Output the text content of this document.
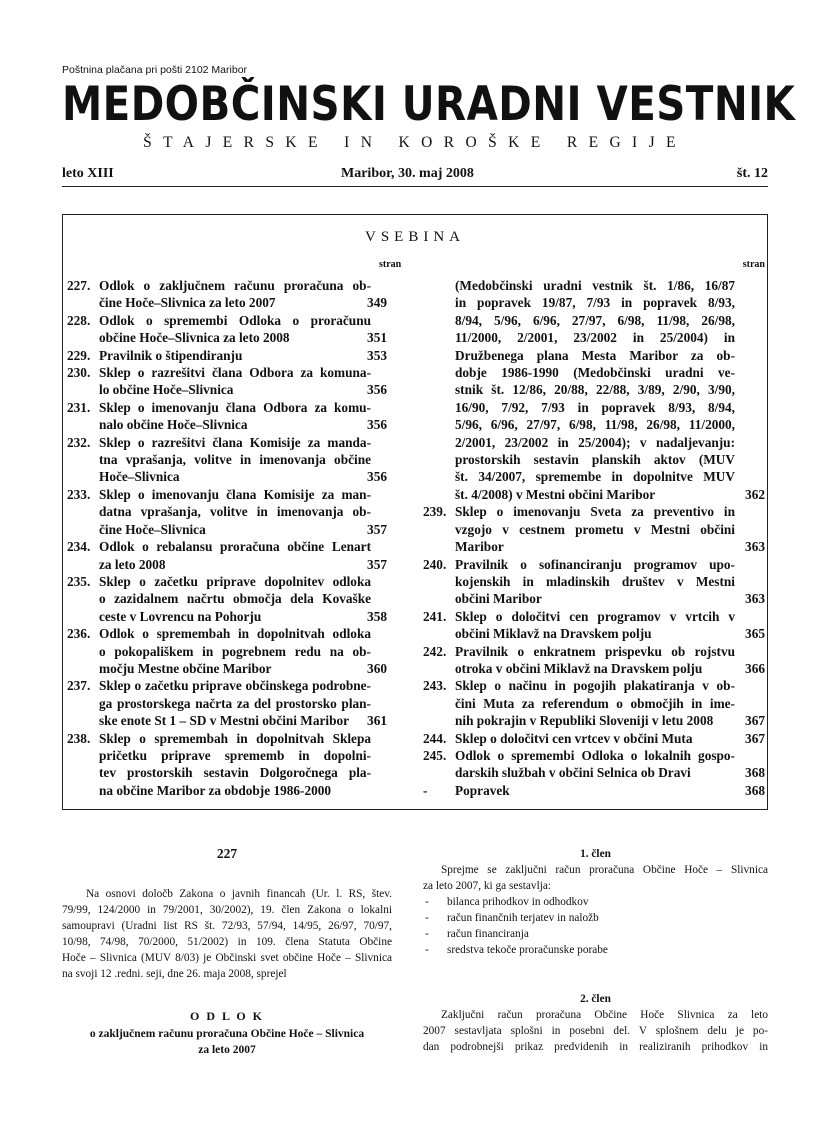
Poštnina plačana pri pošti 2102 Maribor
MEDOBČINSKI URADNI VESTNIK
ŠTAJERSKE IN KOROŠKE REGIJE
leto XIII	Maribor, 30. maj 2008	št. 12
VSEBINA
stran	stran
227. Odlok o zaključnem računu proračuna ob-
čine Hoče–Slivnica za leto 2007	349
228. Odlok o spremembi Odloka o proračunu
občine Hoče–Slivnica za leto 2008	351
229. Pravilnik o štipendiranju	353
230. Sklep o razrešitvi člana Odbora za komuna-
lo občine Hoče–Slivnica	356
231. Sklep o imenovanju člana Odbora za komu-
nalo občine Hoče–Slivnica	356
232. Sklep o razrešitvi člana Komisije za manda-
tna vprašanja, volitve in imenovanja občine
Hoče–Slivnica	356
233. Sklep o imenovanju člana Komisije za man-
datna vprašanja, volitve in imenovanja ob-
čine Hoče–Slivnica	357
234. Odlok o rebalansu proračuna občine Lenart
za leto 2008	357
235. Sklep o začetku priprave dopolnitev odloka
o zazidalnem načrtu območja dela Kovaške
ceste v Lovrencu na Pohorju	358
236. Odlok o spremembah in dopolnitvah odloka
o pokopališkem in pogrebnem redu na ob-
močju Mestne občine Maribor	360
237. Sklep o začetku priprave občinskega podrobne-
ga prostorskega načrta za del prostorsko plan-
ske enote St 1 – SD v Mestni občini Maribor	361
238. Sklep o spremembah in dopolnitvah Sklepa
pričetku priprave sprememb in dopolni-
tev prostorskih sestavin Dolgoročnega pla-
na občine Maribor za obdobje 1986-2000
(Medobčinski uradni vestnik št. 1/86, 16/87
in popravek 19/87, 7/93 in popravek 8/93,
8/94, 5/96, 6/96, 27/97, 6/98, 11/98, 26/98,
11/2000, 2/2001, 23/2002 in 25/2004) in
Družbenega plana Mesta Maribor za ob-
dobje 1986-1990 (Medobčinski uradni ve-
stnik št. 12/86, 20/88, 22/88, 3/89, 2/90, 3/90,
16/90, 7/92, 7/93 in popravek 8/93, 8/94,
5/96, 6/96, 27/97, 6/98, 11/98, 26/98, 11/2000,
2/2001, 23/2002 in 25/2004); v nadaljevanju:
prostorskih sestavin planskih aktov (MUV
št. 34/2007, spremembe in dopolnitve MUV
št. 4/2008) v Mestni občini Maribor	362
239. Sklep o imenovanju Sveta za preventivo in
vzgojo v cestnem prometu v Mestni občini
Maribor	363
240. Pravilnik o sofinanciranju programov upo-
kojenskih in mladinskih društev v Mestni
občini Maribor	363
241. Sklep o določitvi cen programov v vrtcih v
občini Miklavž na Dravskem polju	365
242. Pravilnik o enkratnem prispevku ob rojstvu
otroka v občini Miklavž na Dravskem polju	366
243. Sklep o načinu in pogojih plakatiranja v ob-
čini Muta za referendum o območjih in ime-
nih pokrajin v Republiki Sloveniji v letu 2008	367
244. Sklep o določitvi cen vrtcev v občini Muta	367
245. Odlok o spremembi Odloka o lokalnih gospo-
darskih službah v občini Selnica ob Dravi	368
-	Popravek	368
227
Na osnovi določb Zakona o javnih financah (Ur. l. RS, štev.
79/99, 124/2000 in 79/2001, 30/2002), 19. člen Zakona o lokalni
samoupravi (Uradni list RS št. 72/93, 57/94, 14/95, 26/97, 70/97,
10/98, 74/98, 70/2000, 51/2002) in 109. člena Statuta Občine
Hoče – Slivnica (MUV 8/03) je Občinski svet občine Hoče – Slivnica
na svoji 12 .redni. seji, dne 26. maja 2008, sprejel
O D L O K
o zaključnem računu proračuna Občine Hoče – Slivnica
za leto 2007
1. člen
Sprejme se zaključni račun proračuna Občine Hoče – Slivnica
za leto 2007, ki ga sestavlja:
-	bilanca prihodkov in odhodkov
-	račun finančnih terjatev in naložb
-	račun financiranja
-	sredstva tekoče proračunske porabe
2. člen
Zaključni račun proračuna Občine Hoče Slivnica za leto
2007 sestavljata splošni in posebni del. V splošnem delu je po-
dan podrobnejši prikaz predvidenih in realiziranih prihodkov in
